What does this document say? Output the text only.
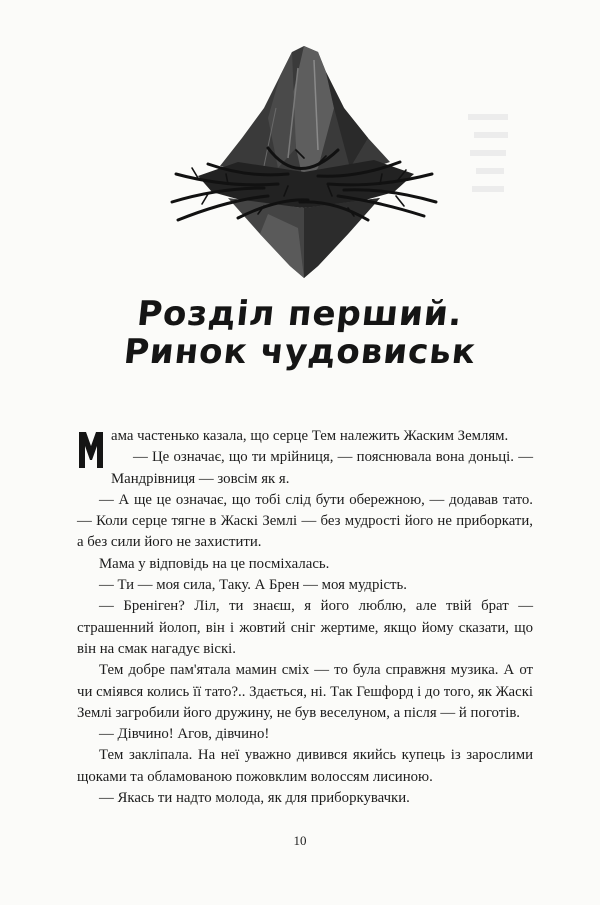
Розділ перший.
Ринок чудовиськ

ама частенько казала, що серце Тем належить Жаским Землям.

— Це означає, що ти мрійниця, — пояснювала вона доньці. — Мандрівниця — зовсім як я.

— А ще це означає, що тобі слід бути обережною, — додавав тато. — Коли серце тягне в Жаскі Землі — без мудрості його не приборкати, а без сили його не захистити.

Мама у відповідь на це посміхалась.

— Ти — моя сила, Таку. А Брен — моя мудрість.

— Бреніген? Ліл, ти знаєш, я його люблю, але твій брат — страшенний йолоп, він і жовтий сніг жертиме, якщо йому сказати, що він на смак нагадує віскі.

Тем добре пам'ятала мамин сміх — то була справжня музика. А от чи сміявся колись її тато?.. Здається, ні. Так Гешфорд і до того, як Жаскі Землі загробили його дружину, не був веселуном, а після — й поготів.

— Дівчино! Агов, дівчино!

Тем закліпала. На неї уважно дивився якийсь купець із зарослими щоками та обламованою пожовклим волоссям лисиною.

— Якась ти надто молода, як для приборкувачки.

10
